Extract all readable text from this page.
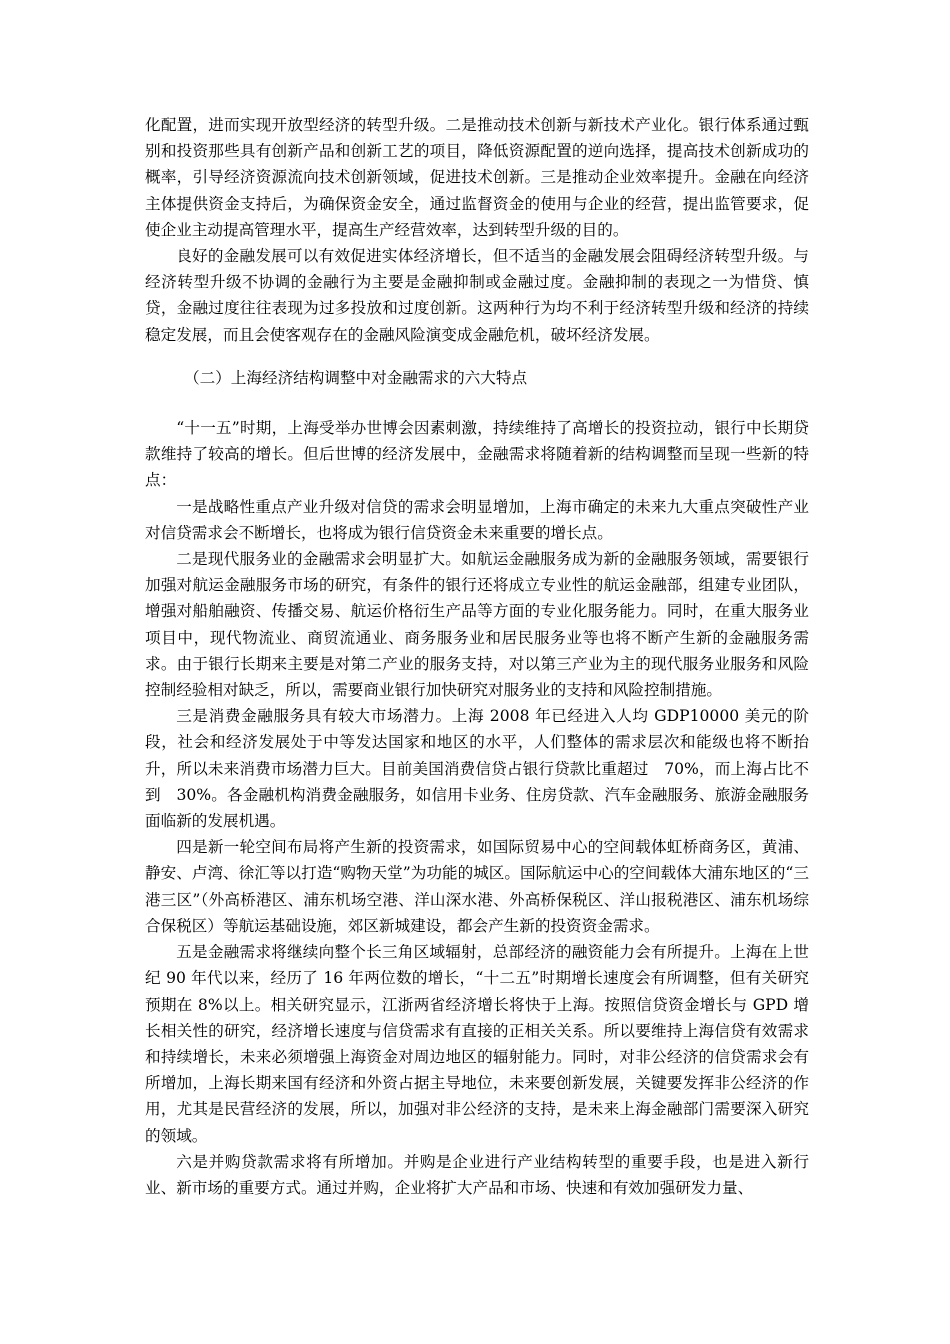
化配置，进而实现开放型经济的转型升级。二是推动技术创新与新技术产业化。银行体系通过甄别和投资那些具有创新产品和创新工艺的项目，降低资源配置的逆向选择，提高技术创新成功的概率，引导经济资源流向技术创新领域，促进技术创新。三是推动企业效率提升。金融在向经济主体提供资金支持后，为确保资金安全，通过监督资金的使用与企业的经营，提出监管要求，促使企业主动提高管理水平，提高生产经营效率，达到转型升级的目的。

良好的金融发展可以有效促进实体经济增长，但不适当的金融发展会阻碍经济转型升级。与经济转型升级不协调的金融行为主要是金融抑制或金融过度。金融抑制的表现之一为惜贷、慎贷，金融过度往往表现为过多投放和过度创新。这两种行为均不利于经济转型升级和经济的持续稳定发展，而且会使客观存在的金融风险演变成金融危机，破坏经济发展。

（二）上海经济结构调整中对金融需求的六大特点

“十一五”时期，上海受举办世博会因素刺激，持续维持了高增长的投资拉动，银行中长期贷款维持了较高的增长。但后世博的经济发展中，金融需求将随着新的结构调整而呈现一些新的特点：

一是战略性重点产业升级对信贷的需求会明显增加，上海市确定的未来九大重点突破性产业对信贷需求会不断增长，也将成为银行信贷资金未来重要的增长点。

二是现代服务业的金融需求会明显扩大。如航运金融服务成为新的金融服务领域，需要银行加强对航运金融服务市场的研究，有条件的银行还将成立专业性的航运金融部，组建专业团队，增强对船舶融资、传播交易、航运价格衍生产品等方面的专业化服务能力。同时，在重大服务业项目中，现代物流业、商贸流通业、商务服务业和居民服务业等也将不断产生新的金融服务需求。由于银行长期来主要是对第二产业的服务支持，对以第三产业为主的现代服务业服务和风险控制经验相对缺乏，所以，需要商业银行加快研究对服务业的支持和风险控制措施。

三是消费金融服务具有较大市场潜力。上海 2008 年已经进入人均 GDP10000 美元的阶段，社会和经济发展处于中等发达国家和地区的水平，人们整体的需求层次和能级也将不断抬升，所以未来消费市场潜力巨大。目前美国消费信贷占银行贷款比重超过　70%，而上海占比不到　30%。各金融机构消费金融服务，如信用卡业务、住房贷款、汽车金融服务、旅游金融服务面临新的发展机遇。

四是新一轮空间布局将产生新的投资需求，如国际贸易中心的空间载体虹桥商务区，黄浦、静安、卢湾、徐汇等以打造“购物天堂”为功能的城区。国际航运中心的空间载体大浦东地区的“三港三区”（外高桥港区、浦东机场空港、洋山深水港、外高桥保税区、洋山报税港区、浦东机场综合保税区）等航运基础设施，郊区新城建设，都会产生新的投资资金需求。

五是金融需求将继续向整个长三角区域辐射，总部经济的融资能力会有所提升。上海在上世纪 90 年代以来，经历了 16 年两位数的增长，“十二五”时期增长速度会有所调整，但有关研究预期在 8%以上。相关研究显示，江浙两省经济增长将快于上海。按照信贷资金增长与 GPD 增长相关性的研究，经济增长速度与信贷需求有直接的正相关关系。所以要维持上海信贷有效需求和持续增长，未来必须增强上海资金对周边地区的辐射能力。同时，对非公经济的信贷需求会有所增加，上海长期来国有经济和外资占据主导地位，未来要创新发展，关键要发挥非公经济的作用，尤其是民营经济的发展，所以，加强对非公经济的支持，是未来上海金融部门需要深入研究的领域。

六是并购贷款需求将有所增加。并购是企业进行产业结构转型的重要手段，也是进入新行业、新市场的重要方式。通过并购，企业将扩大产品和市场、快速和有效加强研发力量、
